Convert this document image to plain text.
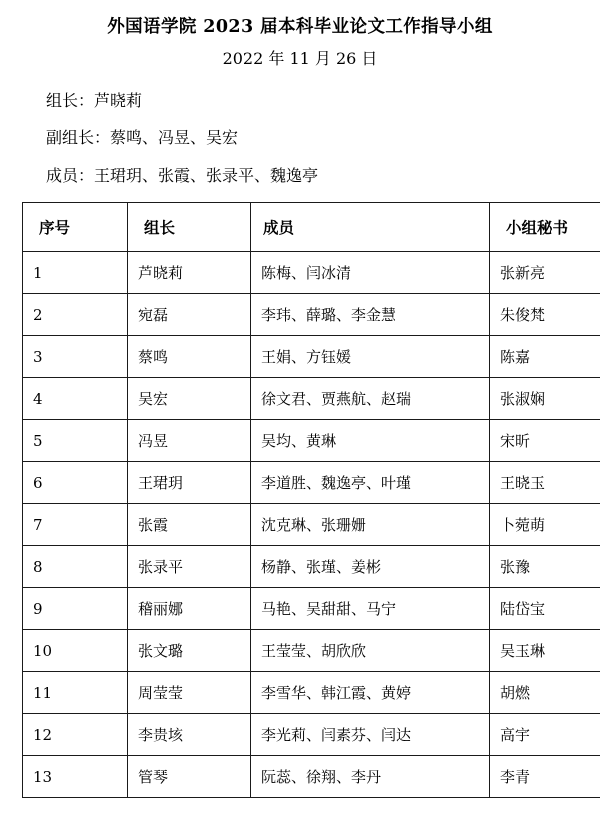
外国语学院 2023 届本科毕业论文工作指导小组
2022 年 11 月 26 日
组长：芦晓莉
副组长：蔡鸣、冯昱、吴宏
成员：王珺玥、张霞、张录平、魏逸亭
序号	组长	成员	小组秘书
1	芦晓莉	陈梅、闫冰清	张新亮
2	宛磊	李玮、薛璐、李金慧	朱俊梵
3	蔡鸣	王娟、方钰媛	陈嘉
4	吴宏	徐文君、贾燕航、赵瑞	张淑娴
5	冯昱	吴均、黄琳	宋昕
6	王珺玥	李道胜、魏逸亭、叶瑾	王晓玉
7	张霞	沈克琳、张珊姗	卜菀萌
8	张录平	杨静、张瑾、姜彬	张豫
9	稽丽娜	马艳、吴甜甜、马宁	陆岱宝
10	张文璐	王莹莹、胡欣欣	吴玉琳
11	周莹莹	李雪华、韩江霞、黄婷	胡燃
12	李贵垓	李光莉、闫素芬、闫达	高宇
13	管琴	阮蕊、徐翔、李丹	李青
